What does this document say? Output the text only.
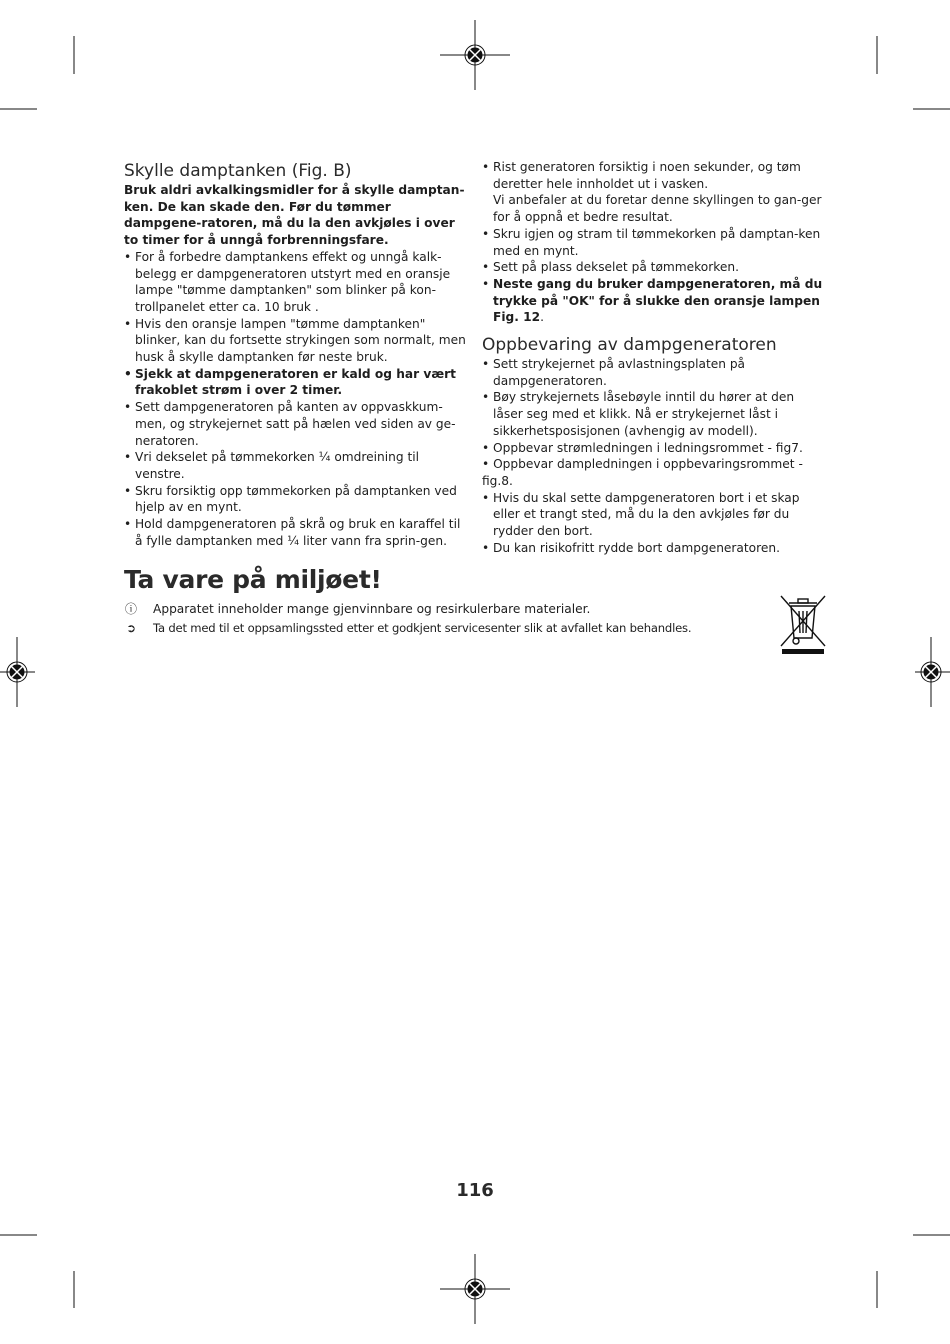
Skylle damptanken (Fig. B)

Bruk aldri avkalkingsmidler for å skylle damptan-ken. De kan skade den. Før du tømmer dampgene-ratoren, må du la den avkjøles i over to timer for å unngå forbrenningsfare.

• For å forbedre damptankens effekt og unngå kalk-belegg er dampgeneratoren utstyrt med en oransje lampe "tømme damptanken" som blinker på kon-trollpanelet etter ca. 10 bruk .
• Hvis den oransje lampen "tømme damptanken" blinker, kan du fortsette strykingen som normalt, men husk å skylle damptanken før neste bruk.
• Sjekk at dampgeneratoren er kald og har vært frakoblet strøm i over 2 timer.
• Sett dampgeneratoren på kanten av oppvaskkum-men, og strykejernet satt på hælen ved siden av ge-neratoren.
• Vri dekselet på tømmekorken ¼ omdreining til venstre.
• Skru forsiktig opp tømmekorken på damptanken ved hjelp av en mynt.
• Hold dampgeneratoren på skrå og bruk en karaffel til å fylle damptanken med ¼ liter vann fra sprin-gen.
• Rist generatoren forsiktig i noen sekunder, og tøm deretter hele innholdet ut i vasken.
Vi anbefaler at du foretar denne skyllingen to gan-ger for å oppnå et bedre resultat.
• Skru igjen og stram til tømmekorken på damptan-ken med en mynt.
• Sett på plass dekselet på tømmekorken.
• Neste gang du bruker dampgeneratoren, må du trykke på "OK" for å slukke den oransje lampen Fig. 12.
Oppbevaring av dampgeneratoren
• Sett strykejernet på avlastningsplaten på dampgeneratoren.
• Bøy strykejernets låsebøyle inntil du hører at den låser seg med et klikk. Nå er strykejernet låst i sikkerhetsposisjonen (avhengig av modell).
• Oppbevar strømledningen i ledningsrommet - fig7.
• Oppbevar dampledningen i oppbevaringsrommet - fig.8.
• Hvis du skal sette dampgeneratoren bort i et skap eller et trangt sted, må du la den avkjøles før du rydder den bort.
• Du kan risikofritt rydde bort dampgeneratoren.
Ta vare på miljøet!
ⓘ Apparatet inneholder mange gjenvinnbare og resirkulerbare materialer.
➲ Ta det med til et oppsamlingssted etter et godkjent servicesenter slik at avfallet kan behandles.
116
